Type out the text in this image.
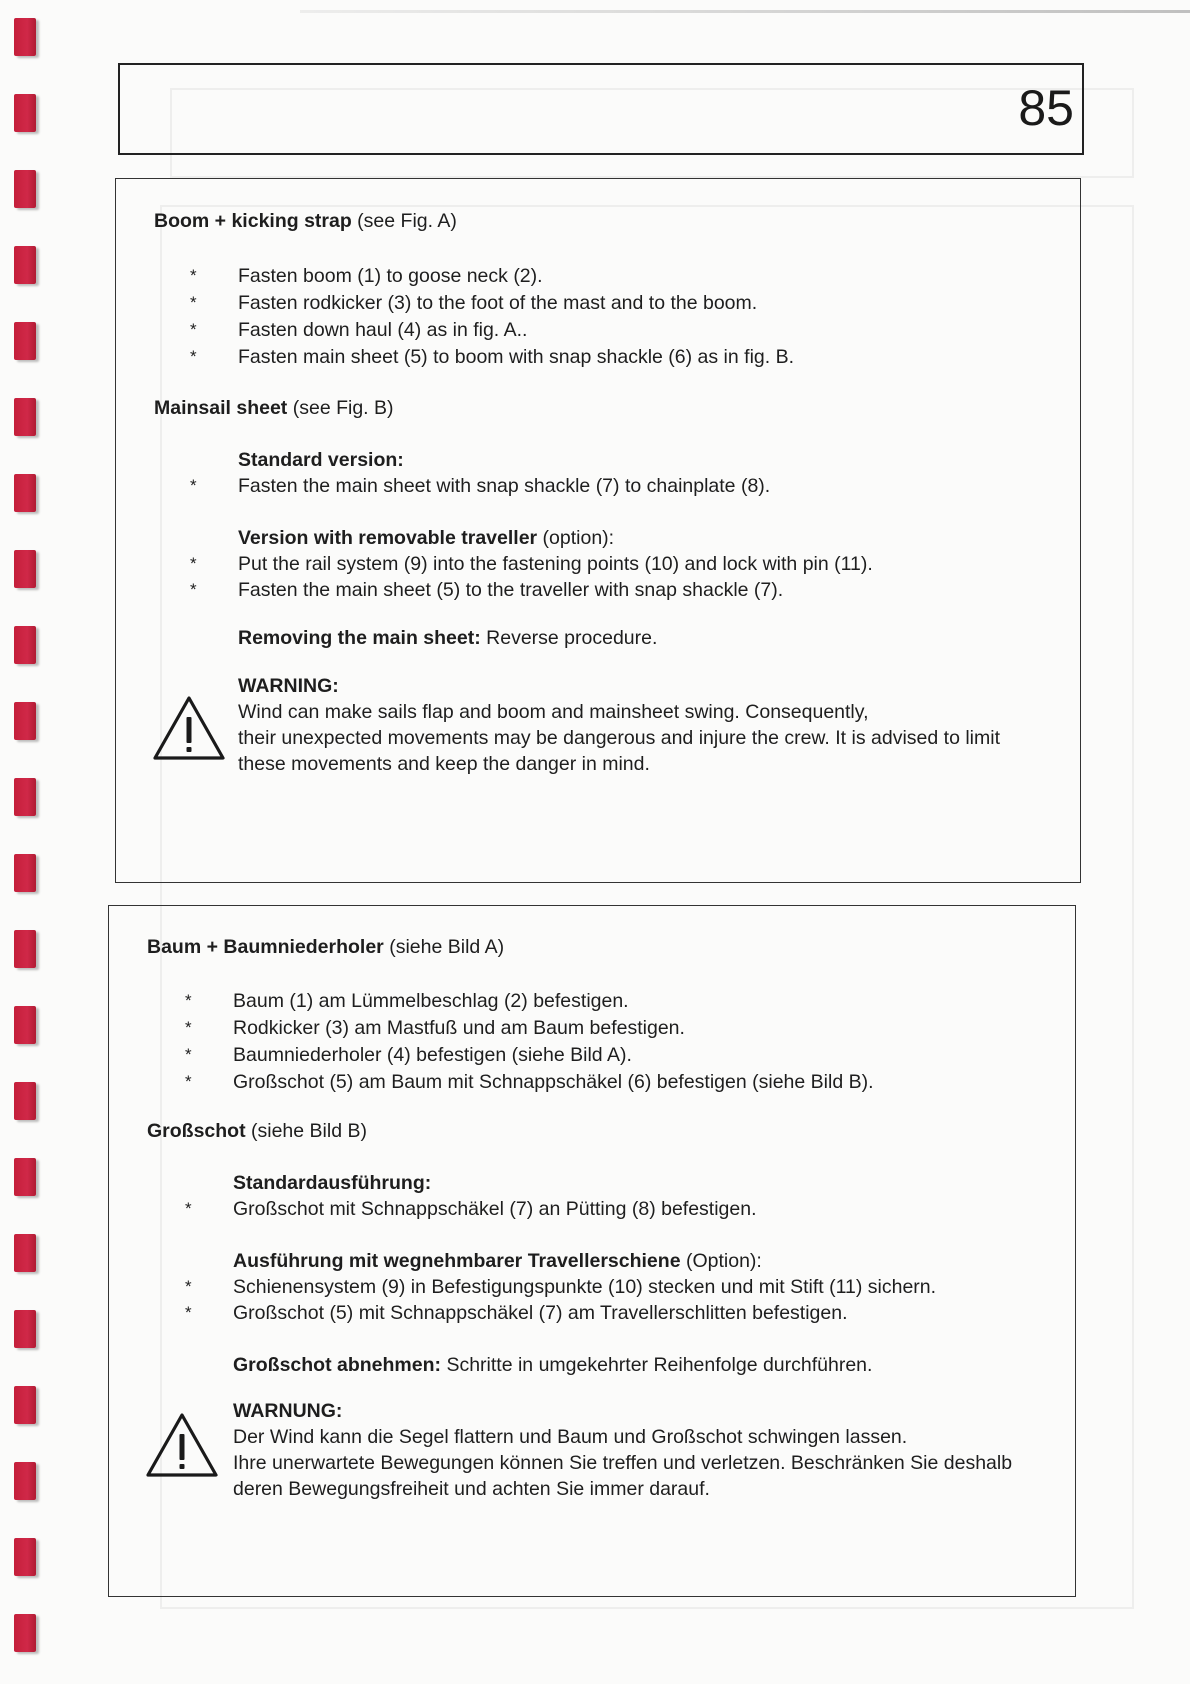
85
Boom + kicking strap (see Fig. A)
* Fasten boom (1) to goose neck (2).
* Fasten rodkicker (3) to the foot of the mast and to the boom.
* Fasten down haul (4) as in fig. A..
* Fasten main sheet (5) to boom with snap shackle (6) as in fig. B.
Mainsail sheet (see Fig. B)
Standard version:
* Fasten the main sheet with snap shackle (7) to chainplate (8).
Version with removable traveller (option):
* Put the rail system (9) into the fastening points (10) and lock with pin (11).
* Fasten the main sheet (5) to the traveller with snap shackle (7).
Removing the main sheet: Reverse procedure.
WARNING:
Wind can make sails flap and boom and mainsheet swing. Consequently,
their unexpected movements may be dangerous and injure the crew. It is advised to limit
these movements and keep the danger in mind.
Baum + Baumniederholer (siehe Bild A)
* Baum (1) am Lümmelbeschlag (2) befestigen.
* Rodkicker (3) am Mastfuß und am Baum befestigen.
* Baumniederholer (4) befestigen (siehe Bild A).
* Großschot (5) am Baum mit Schnappschäkel (6) befestigen (siehe Bild B).
Großschot (siehe Bild B)
Standardausführung:
* Großschot mit Schnappschäkel (7) an Pütting (8) befestigen.
Ausführung mit wegnehmbarer Travellerschiene (Option):
* Schienensystem (9) in Befestigungspunkte (10) stecken und mit Stift (11) sichern.
* Großschot (5) mit Schnappschäkel (7) am Travellerschlitten befestigen.
Großschot abnehmen: Schritte in umgekehrter Reihenfolge durchführen.
WARNUNG:
Der Wind kann die Segel flattern und Baum und Großschot schwingen lassen.
Ihre unerwartete Bewegungen können Sie treffen und verletzen. Beschränken Sie deshalb
deren Bewegungsfreiheit und achten Sie immer darauf.
